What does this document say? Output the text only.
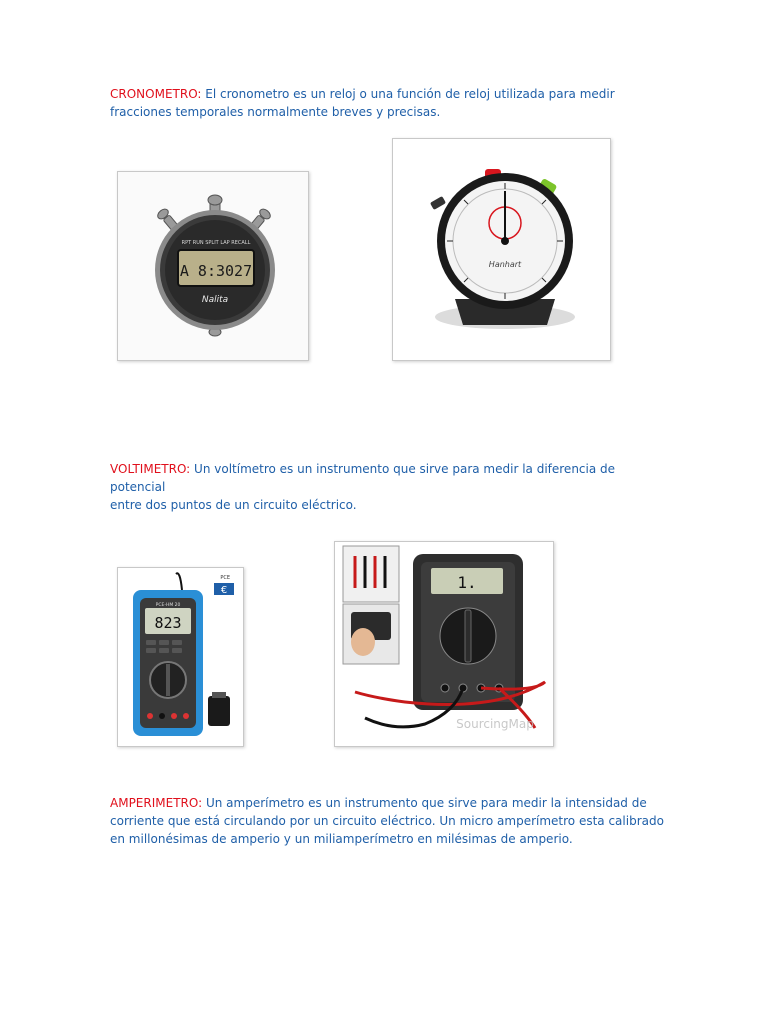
CRONOMETRO: El cronometro es un reloj o una función de reloj utilizada para medir
fracciones temporales normalmente breves y precisas.
A 8:3027
RPT RUN SPLIT LAP RECALL
Nalita
Hanhart
VOLTIMETRO: Un voltímetro es un instrumento que sirve para medir la diferencia de potencial
entre dos puntos de un circuito eléctrico.
PCE
€
823
PCE-HM 20
1.
SourcingMap
AMPERIMETRO: Un amperímetro es un instrumento que sirve para medir la intensidad de
corriente que está circulando por un circuito eléctrico. Un micro amperímetro esta calibrado
en millonésimas de amperio y un miliamperímetro en milésimas de amperio.
